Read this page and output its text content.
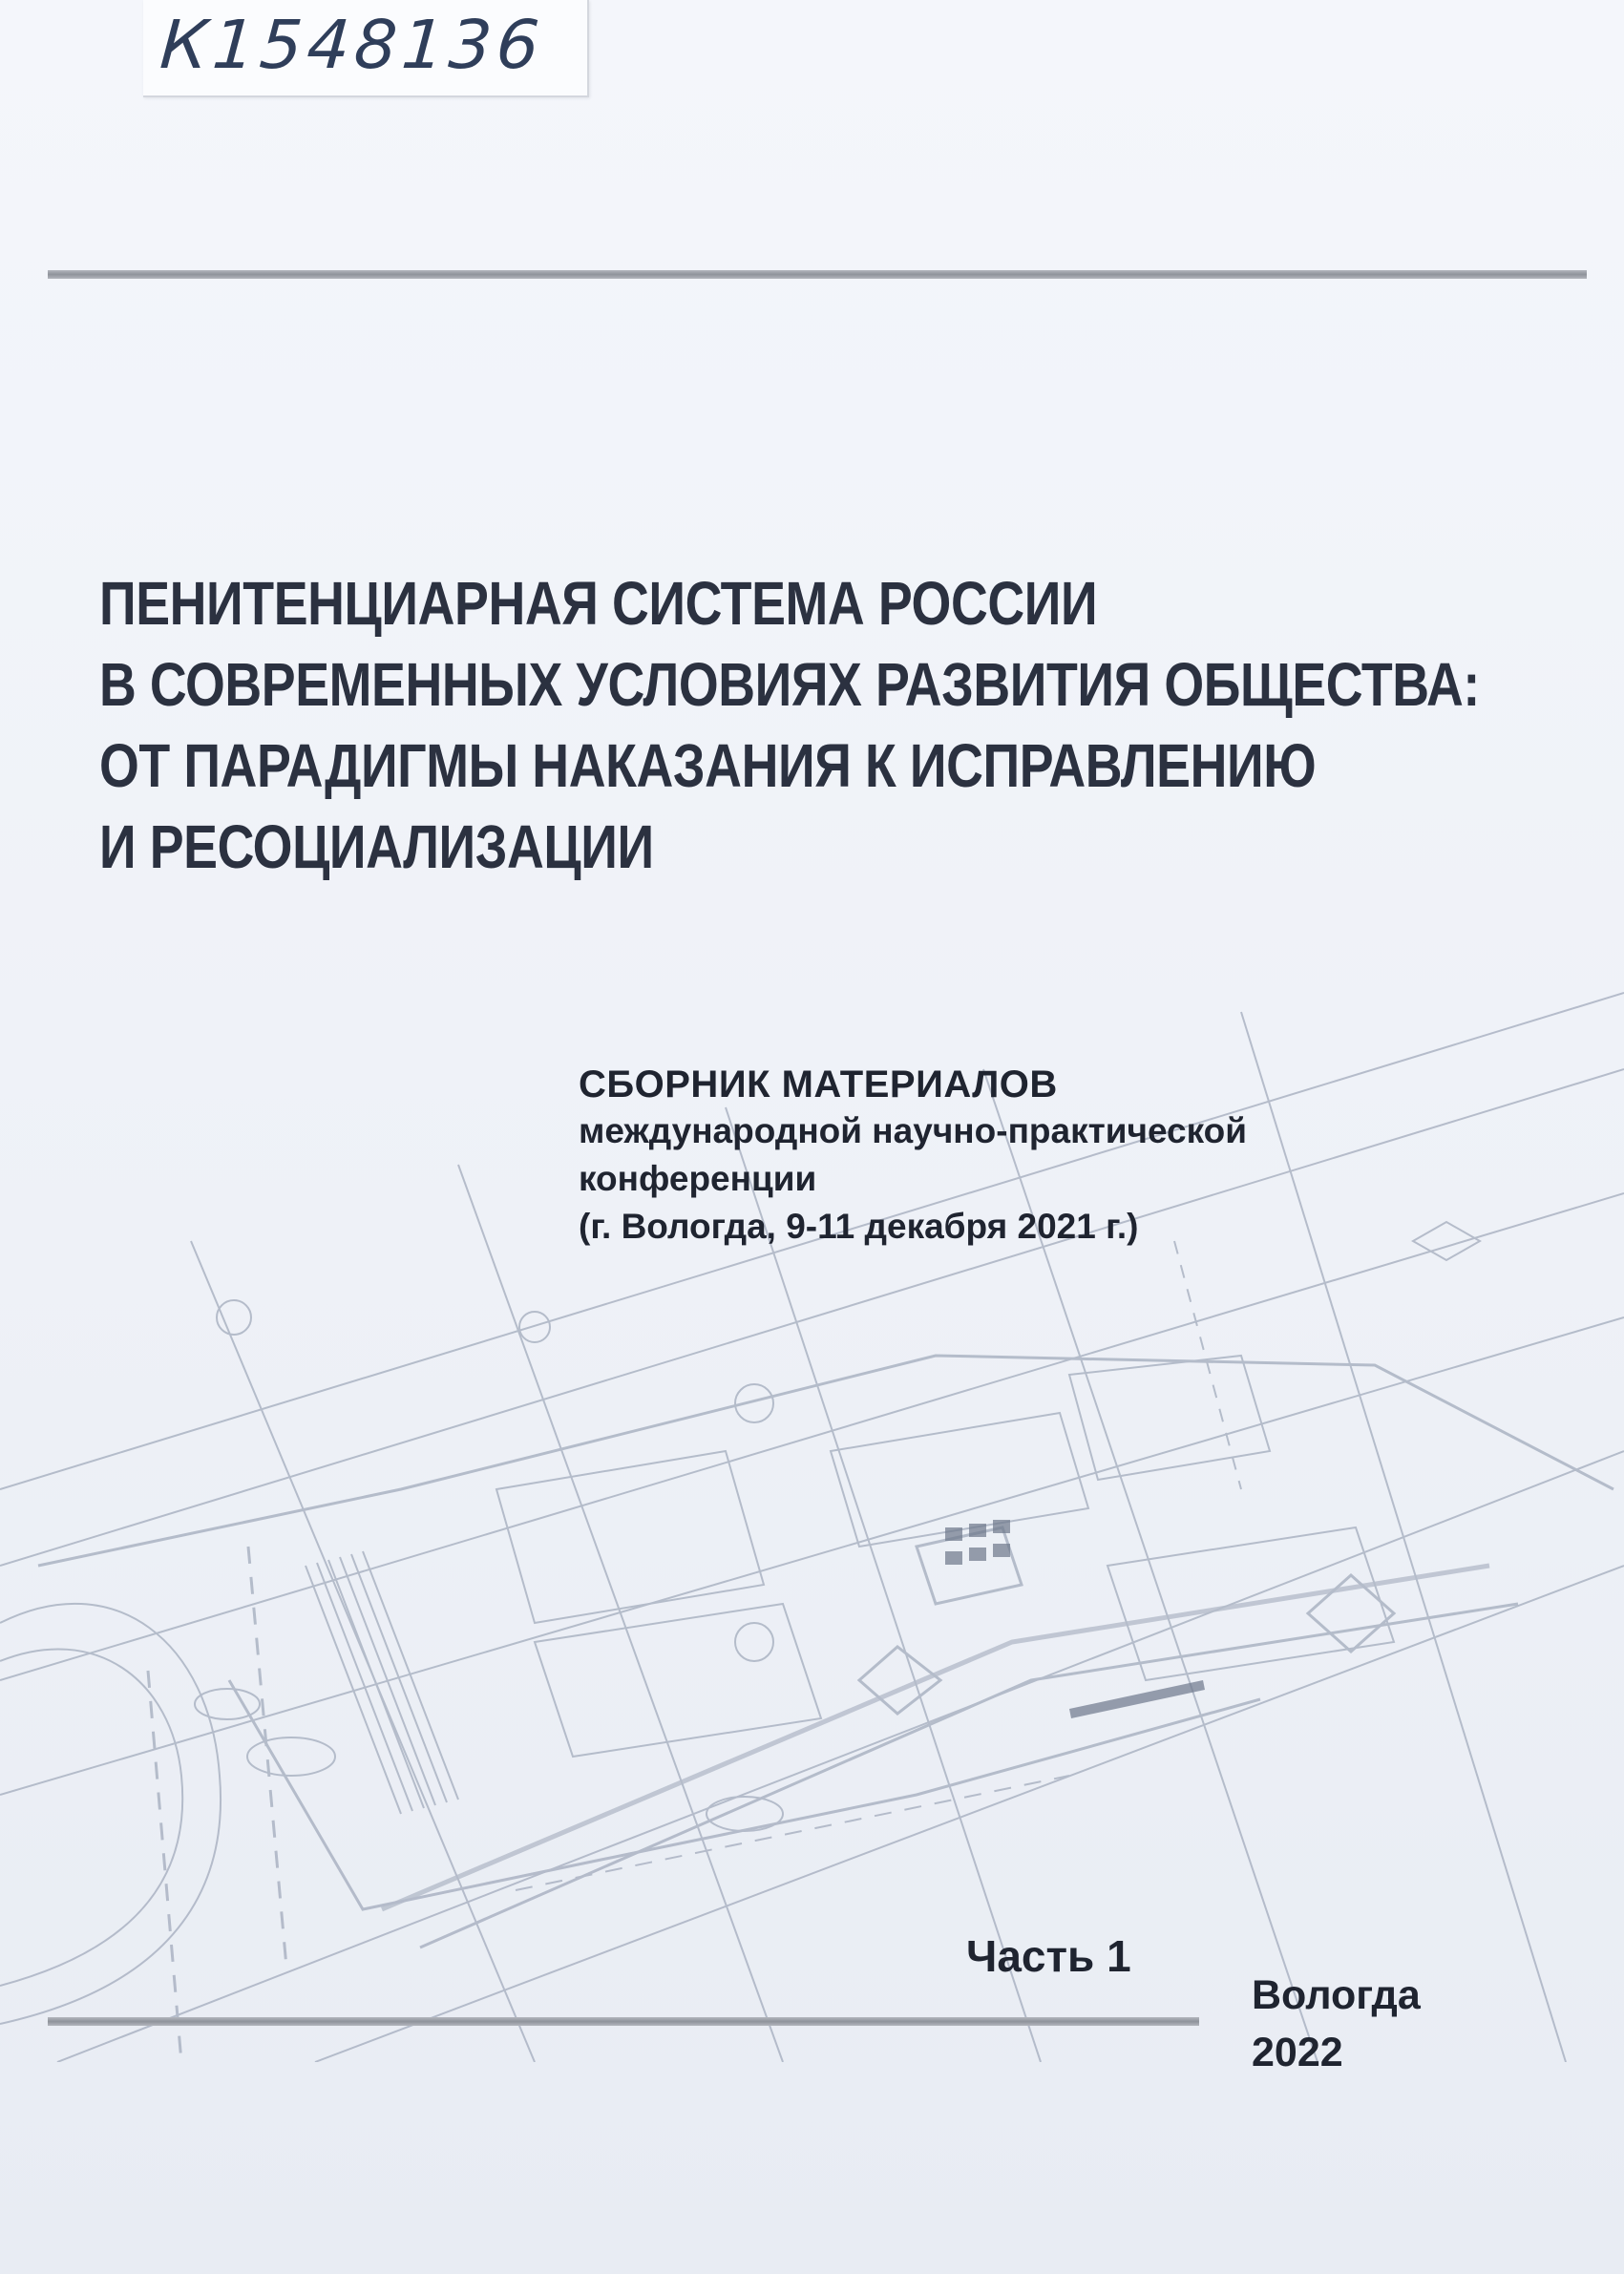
К1548136
ПЕНИТЕНЦИАРНАЯ СИСТЕМА РОССИИ
В СОВРЕМЕННЫХ УСЛОВИЯХ РАЗВИТИЯ ОБЩЕСТВА:
ОТ ПАРАДИГМЫ НАКАЗАНИЯ К ИСПРАВЛЕНИЮ
И РЕСОЦИАЛИЗАЦИИ
СБОРНИК МАТЕРИАЛОВ
международной научно-практической
конференции
(г. Вологда, 9-11 декабря 2021 г.)
Часть 1
Вологда
2022
